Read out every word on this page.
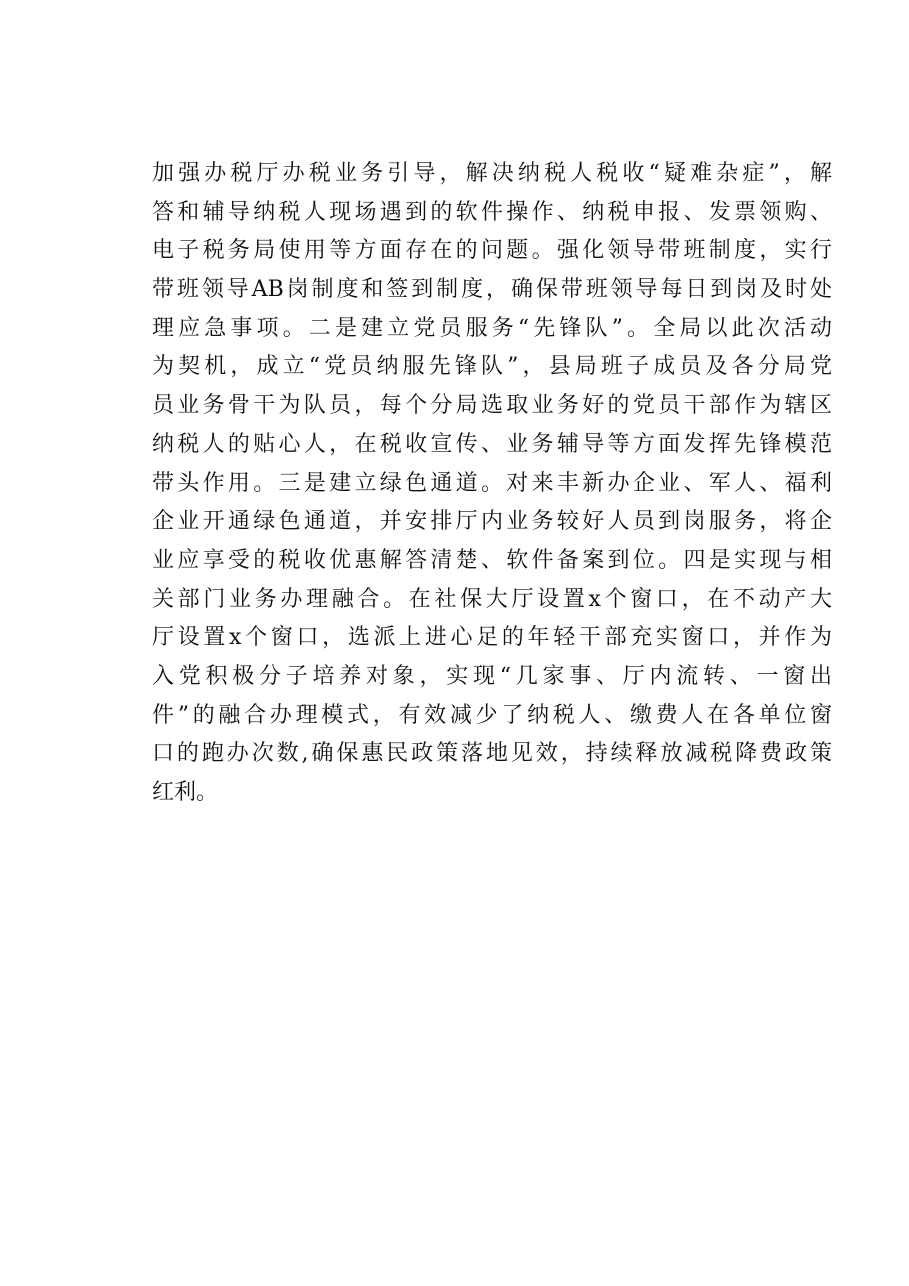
加强办税厅办税业务引导，解决纳税人税收“疑难杂症”，解
答和辅导纳税人现场遇到的软件操作、纳税申报、发票领购、
电子税务局使用等方面存在的问题。强化领导带班制度，实行
带班领导AB岗制度和签到制度，确保带班领导每日到岗及时处
理应急事项。二是建立党员服务“先锋队”。全局以此次活动
为契机，成立“党员纳服先锋队”，县局班子成员及各分局党
员业务骨干为队员，每个分局选取业务好的党员干部作为辖区
纳税人的贴心人，在税收宣传、业务辅导等方面发挥先锋模范
带头作用。三是建立绿色通道。对来丰新办企业、军人、福利
企业开通绿色通道，并安排厅内业务较好人员到岗服务，将企
业应享受的税收优惠解答清楚、软件备案到位。四是实现与相
关部门业务办理融合。在社保大厅设置x个窗口，在不动产大
厅设置x个窗口，选派上进心足的年轻干部充实窗口，并作为
入党积极分子培养对象，实现“几家事、厅内流转、一窗出
件”的融合办理模式，有效减少了纳税人、缴费人在各单位窗
口的跑办次数,确保惠民政策落地见效，持续释放减税降费政策
红利。
